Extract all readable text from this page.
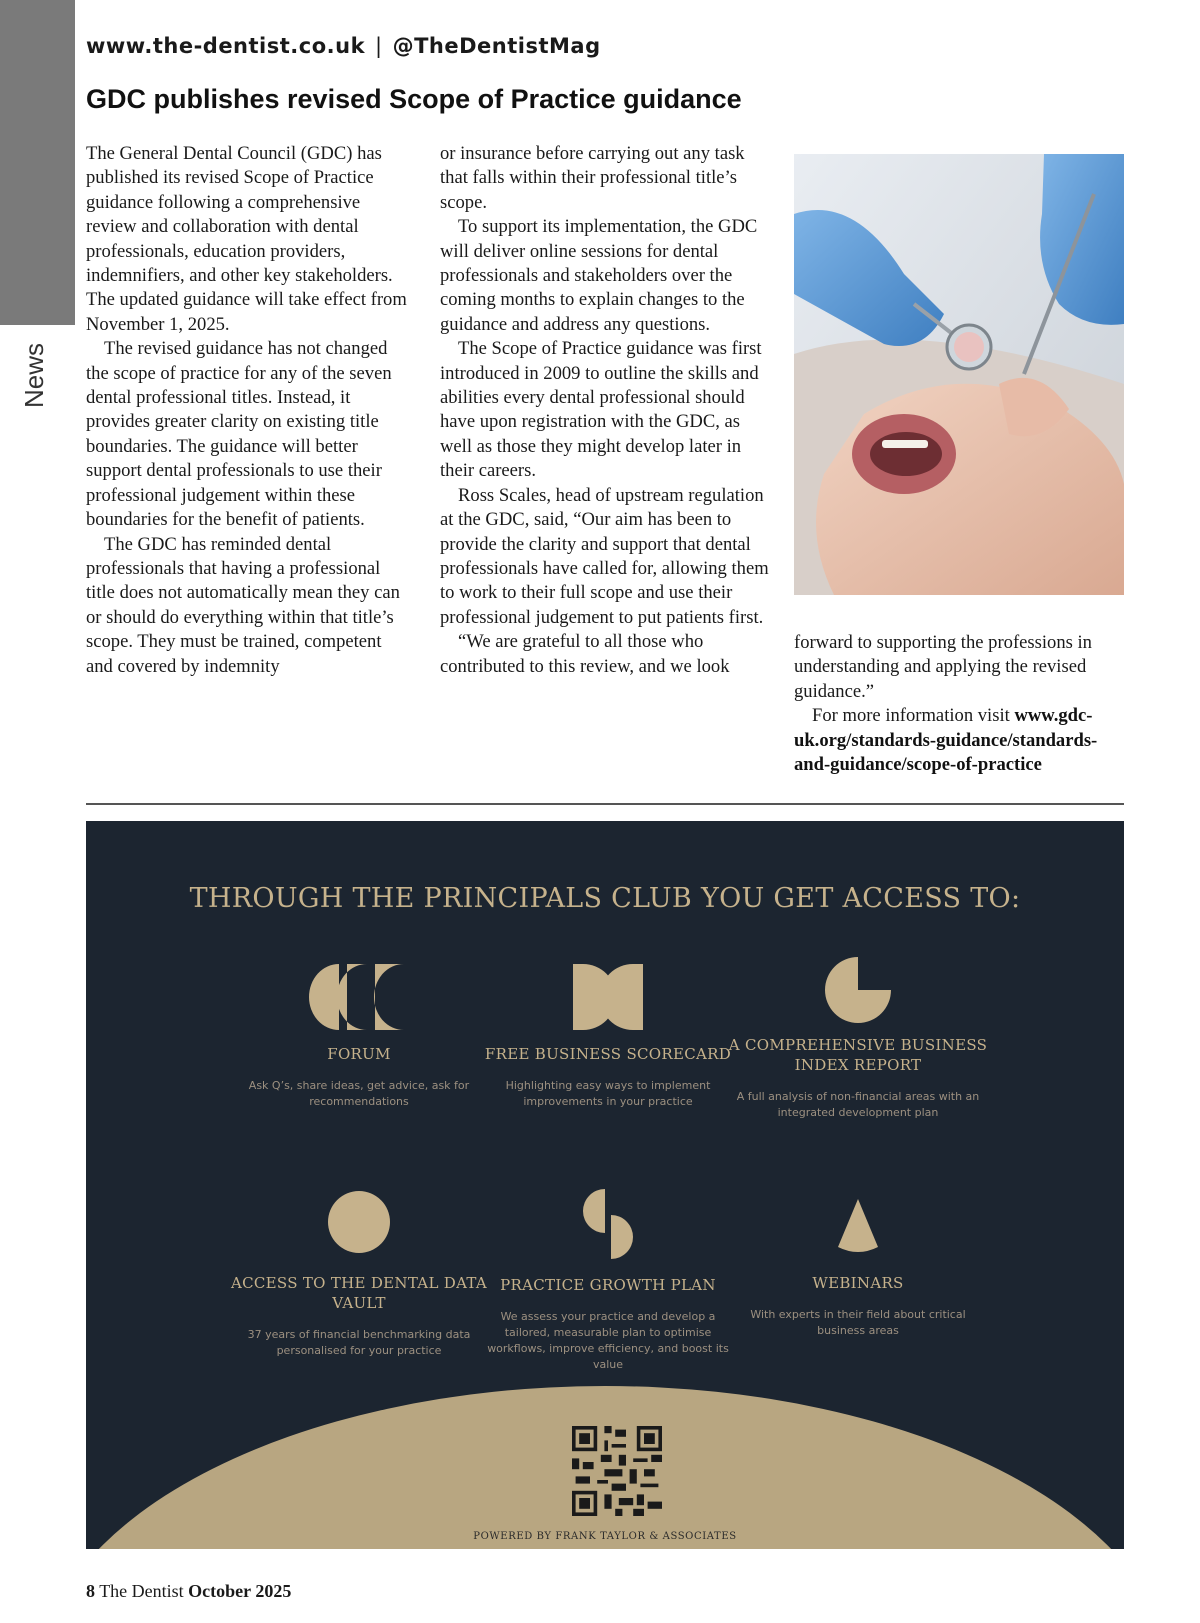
News
www.the-dentist.co.uk | @TheDentistMag
GDC publishes revised Scope of Practice guidance

The General Dental Council (GDC) has published its revised Scope of Practice guidance following a comprehensive review and collaboration with dental professionals, education providers, indemnifiers, and other key stakeholders. The updated guidance will take effect from November 1, 2025.

The revised guidance has not changed the scope of practice for any of the seven dental professional titles. Instead, it provides greater clarity on existing title boundaries. The guidance will better support dental professionals to use their professional judgement within these boundaries for the benefit of patients.

The GDC has reminded dental professionals that having a professional title does not automatically mean they can or should do everything within that title’s scope. They must be trained, competent and covered by indemnity

or insurance before carrying out any task that falls within their professional title’s scope.

To support its implementation, the GDC will deliver online sessions for dental professionals and stakeholders over the coming months to explain changes to the guidance and address any questions.

The Scope of Practice guidance was first introduced in 2009 to outline the skills and abilities every dental professional should have upon registration with the GDC, as well as those they might develop later in their careers.

Ross Scales, head of upstream regulation at the GDC, said, “Our aim has been to provide the clarity and support that dental professionals have called for, allowing them to work to their full scope and use their professional judgement to put patients first.

“We are grateful to all those who contributed to this review, and we look

forward to supporting the professions in understanding and applying the revised guidance.”

For more information visit www.gdc-uk.org/standards-guidance/standards-and-guidance/scope-of-practice

THROUGH THE PRINCIPALS CLUB YOU GET ACCESS TO:
FORUM
Ask Q’s, share ideas, get advice, ask for recommendations
FREE BUSINESS SCORECARD
Highlighting easy ways to implement improvements in your practice
A COMPREHENSIVE BUSINESS INDEX REPORT
A full analysis of non-financial areas with an integrated development plan
ACCESS TO THE DENTAL DATA VAULT
37 years of financial benchmarking data personalised for your practice
PRACTICE GROWTH PLAN
We assess your practice and develop a tailored, measurable plan to optimise workflows, improve efficiency, and boost its value
WEBINARS
With experts in their field about critical business areas
POWERED BY FRANK TAYLOR & ASSOCIATES
8 The Dentist October 2025
